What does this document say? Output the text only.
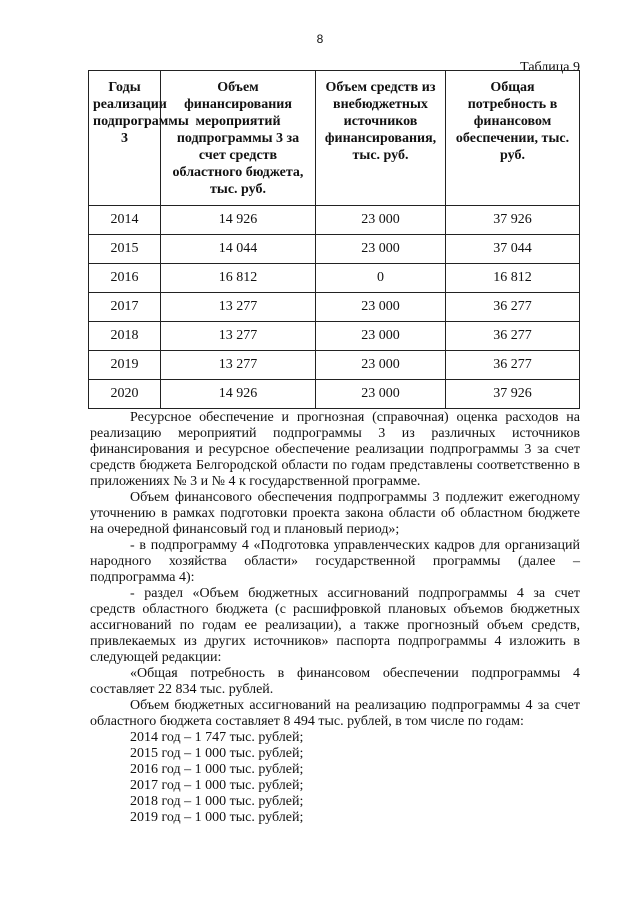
8
Таблица 9
Годы реализации подпрограммы 3	Объем финансирования мероприятий подпрограммы 3 за счет средств областного бюджета, тыс. руб.	Объем средств из внебюджетных источников финансирования, тыс. руб.	Общая потребность в финансовом обеспечении, тыс. руб.
2014	14 926	23 000	37 926
2015	14 044	23 000	37 044
2016	16 812	0	16 812
2017	13 277	23 000	36 277
2018	13 277	23 000	36 277
2019	13 277	23 000	36 277
2020	14 926	23 000	37 926

Ресурсное обеспечение и прогнозная (справочная) оценка расходов на реализацию мероприятий подпрограммы 3 из различных источников финансирования и ресурсное обеспечение реализации подпрограммы 3 за счет средств бюджета Белгородской области по годам представлены соответственно в приложениях № 3 и № 4 к государственной программе.

Объем финансового обеспечения подпрограммы 3 подлежит ежегодному уточнению в рамках подготовки проекта закона области об областном бюджете на очередной финансовый год и плановый период»;

- в подпрограмму 4 «Подготовка управленческих кадров для организаций народного хозяйства области» государственной программы (далее – подпрограмма 4):

- раздел «Объем бюджетных ассигнований подпрограммы 4 за счет средств областного бюджета (с расшифровкой плановых объемов бюджетных ассигнований по годам ее реализации), а также прогнозный объем средств, привлекаемых из других источников» паспорта подпрограммы 4 изложить в следующей редакции:

«Общая потребность в финансовом обеспечении подпрограммы 4 составляет 22 834 тыс. рублей.

Объем бюджетных ассигнований на реализацию подпрограммы 4 за счет областного бюджета составляет 8 494 тыс. рублей, в том числе по годам:

2014 год – 1 747 тыс. рублей;

2015 год – 1 000 тыс. рублей;

2016 год – 1 000 тыс. рублей;

2017 год – 1 000 тыс. рублей;

2018 год – 1 000 тыс. рублей;

2019 год – 1 000 тыс. рублей;
